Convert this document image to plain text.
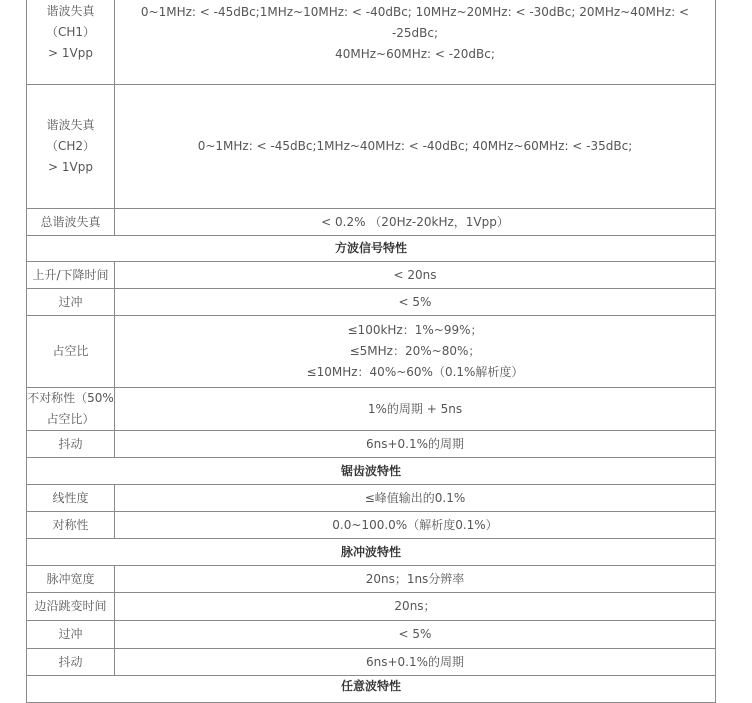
谐波失真
（CH1）
> 1Vpp	0~1MHz: < -45dBc;1MHz~10MHz: < -40dBc; 10MHz~20MHz: < -30dBc; 20MHz~40MHz: < -25dBc;
40MHz~60MHz: < -20dBc;

谐波失真
（CH2）
> 1Vpp	0~1MHz: < -45dBc;1MHz~40MHz: < -40dBc; 40MHz~60MHz: < -35dBc;

总谐波失真	< 0.2% （20Hz-20kHz，1Vpp）
方波信号特性	
上升/下降时间	< 20ns
过冲	< 5%
占空比	≤100kHz：1%~99%；
≤5MHz：20%~80%；
≤10MHz：40%~60%（0.1%解析度）

不对称性（50%
占空比）	1%的周期 + 5ns
抖动	6ns+0.1%的周期
锯齿波特性	
线性度	≤峰值输出的0.1%
对称性	0.0~100.0%（解析度0.1%）
脉冲波特性	
脉冲宽度	20ns；1ns分辨率
边沿跳变时间	20ns；
过冲	< 5%
抖动	6ns+0.1%的周期
任意波特性	
